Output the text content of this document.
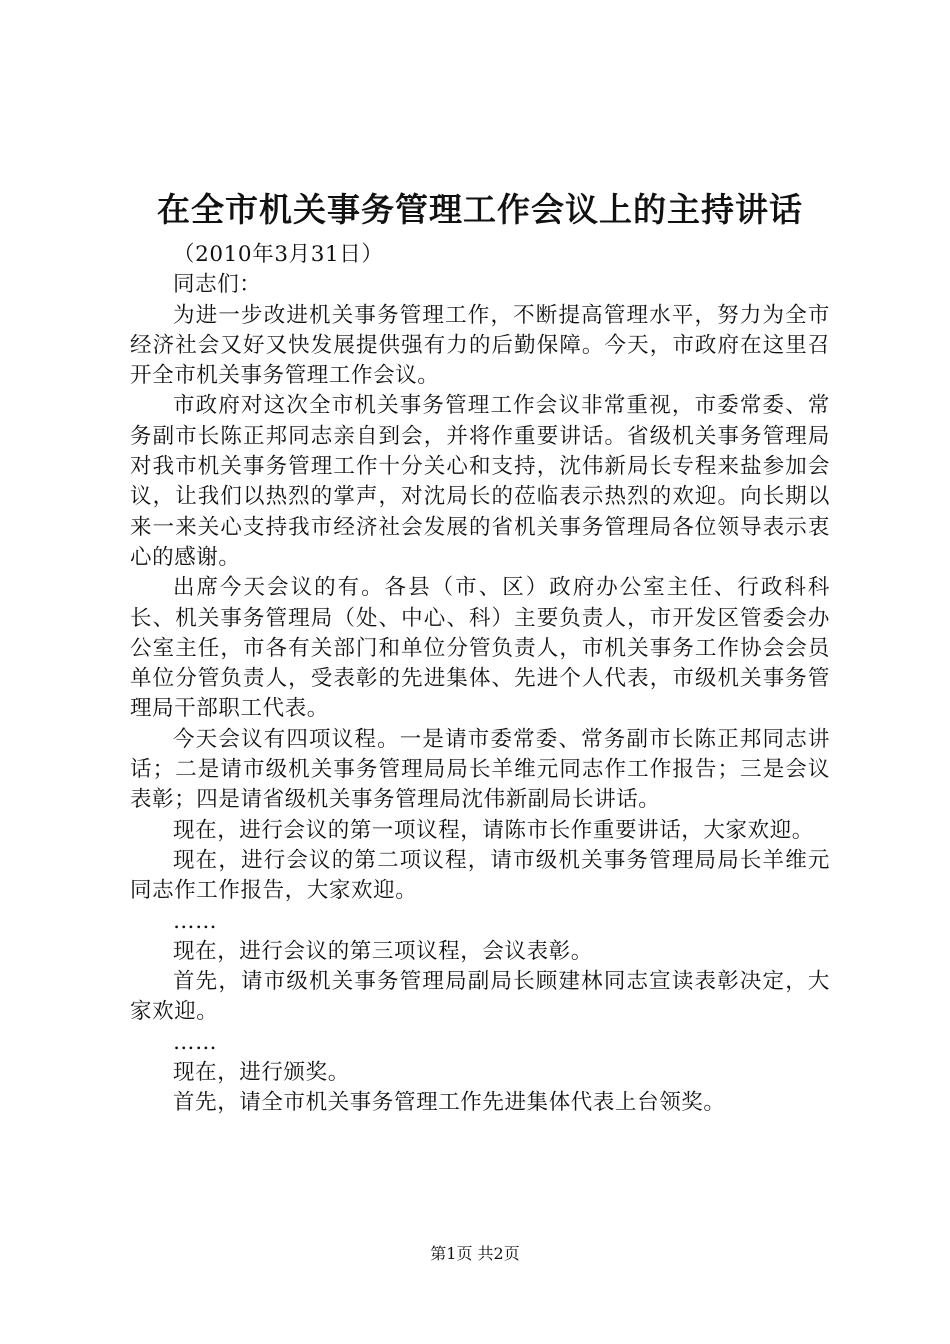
在全市机关事务管理工作会议上的主持讲话

（2010年3月31日）

同志们：

为进一步改进机关事务管理工作，不断提高管理水平，努力为全市经济社会又好又快发展提供强有力的后勤保障。今天，市政府在这里召开全市机关事务管理工作会议。

市政府对这次全市机关事务管理工作会议非常重视，市委常委、常务副市长陈正邦同志亲自到会，并将作重要讲话。省级机关事务管理局对我市机关事务管理工作十分关心和支持，沈伟新局长专程来盐参加会议，让我们以热烈的掌声，对沈局长的莅临表示热烈的欢迎。向长期以来一来关心支持我市经济社会发展的省机关事务管理局各位领导表示衷心的感谢。

出席今天会议的有。各县（市、区）政府办公室主任、行政科科长、机关事务管理局（处、中心、科）主要负责人，市开发区管委会办公室主任，市各有关部门和单位分管负责人，市机关事务工作协会会员单位分管负责人，受表彰的先进集体、先进个人代表，市级机关事务管理局干部职工代表。

今天会议有四项议程。一是请市委常委、常务副市长陈正邦同志讲话；二是请市级机关事务管理局局长羊维元同志作工作报告；三是会议表彰；四是请省级机关事务管理局沈伟新副局长讲话。

现在，进行会议的第一项议程，请陈市长作重要讲话，大家欢迎。

现在，进行会议的第二项议程，请市级机关事务管理局局长羊维元同志作工作报告，大家欢迎。

……

现在，进行会议的第三项议程，会议表彰。

首先，请市级机关事务管理局副局长顾建林同志宣读表彰决定，大家欢迎。

……

现在，进行颁奖。

首先，请全市机关事务管理工作先进集体代表上台领奖。

第1页 共2页
